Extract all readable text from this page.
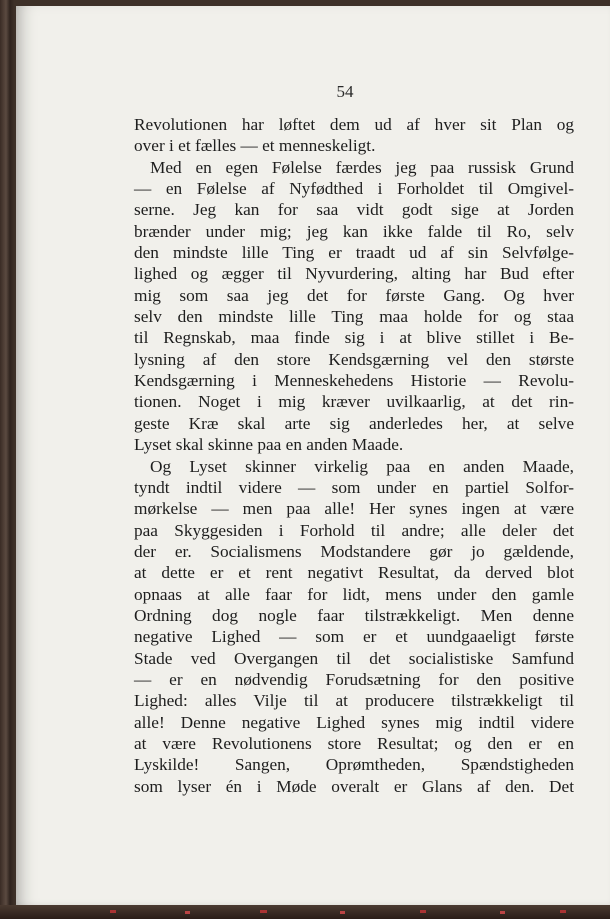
54
Revolutionen har løftet dem ud af hver sit Plan og
over i et fælles — et menneskeligt.
Med en egen Følelse færdes jeg paa russisk Grund
— en Følelse af Nyfødthed i Forholdet til Omgivel-
serne. Jeg kan for saa vidt godt sige at Jorden
brænder under mig; jeg kan ikke falde til Ro, selv
den mindste lille Ting er traadt ud af sin Selvfølge-
lighed og ægger til Nyvurdering, alting har Bud efter
mig som saa jeg det for første Gang. Og hver
selv den mindste lille Ting maa holde for og staa
til Regnskab, maa finde sig i at blive stillet i Be-
lysning af den store Kendsgærning vel den største
Kendsgærning i Menneskehedens Historie — Revolu-
tionen. Noget i mig kræver uvilkaarlig, at det rin-
geste Kræ skal arte sig anderledes her, at selve
Lyset skal skinne paa en anden Maade.
Og Lyset skinner virkelig paa en anden Maade,
tyndt indtil videre — som under en partiel Solfor-
mørkelse — men paa alle! Her synes ingen at være
paa Skyggesiden i Forhold til andre; alle deler det
der er. Socialismens Modstandere gør jo gældende,
at dette er et rent negativt Resultat, da derved blot
opnaas at alle faar for lidt, mens under den gamle
Ordning dog nogle faar tilstrækkeligt. Men denne
negative Lighed — som er et uundgaaeligt første
Stade ved Overgangen til det socialistiske Samfund
— er en nødvendig Forudsætning for den positive
Lighed: alles Vilje til at producere tilstrækkeligt til
alle! Denne negative Lighed synes mig indtil videre
at være Revolutionens store Resultat; og den er en
Lyskilde! Sangen, Oprømtheden, Spændstigheden
som lyser én i Møde overalt er Glans af den. Det
